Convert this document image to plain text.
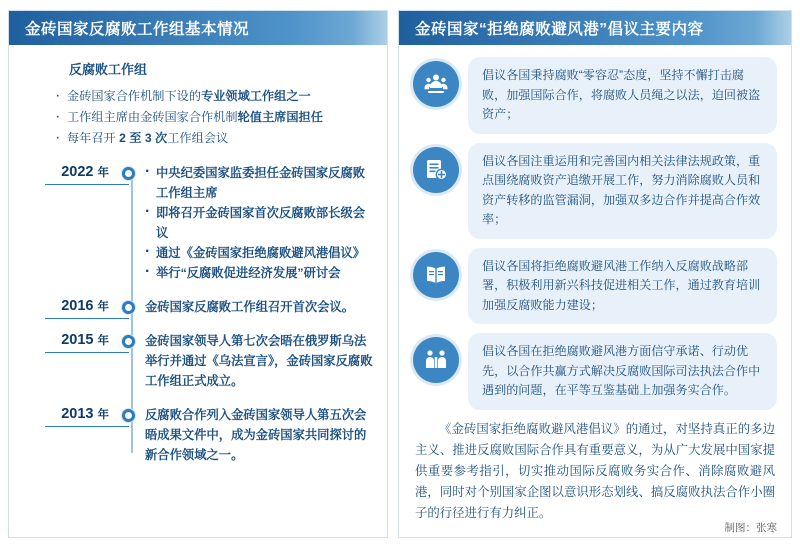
金砖国家反腐败工作组基本情况
反腐败工作组
· 金砖国家合作机制下设的专业领域工作组之一
· 工作组主席由金砖国家合作机制轮值主席国担任
· 每年召开 2 至 3 次工作组会议
2022 年	· 中央纪委国家监委担任金砖国家反腐败工作组主席
· 即将召开金砖国家首次反腐败部长级会议
· 通过《金砖国家拒绝腐败避风港倡议》
· 举行“反腐败促进经济发展”研讨会
2016 年	金砖国家反腐败工作组召开首次会议。
2015 年	金砖国家领导人第七次会晤在俄罗斯乌法举行并通过《乌法宣言》，金砖国家反腐败工作组正式成立。
2013 年	反腐败合作列入金砖国家领导人第五次会晤成果文件中，成为金砖国家共同探讨的新合作领域之一。
金砖国家“拒绝腐败避风港”倡议主要内容

倡议各国秉持腐败“零容忍”态度，坚持不懈打击腐败，加强国际合作，将腐败人员绳之以法，迫回被盗资产；

倡议各国注重运用和完善国内相关法律法规政策，重点围绕腐败资产追缴开展工作，努力消除腐败人员和资产转移的监管漏洞，加强双多边合作并提高合作效率；

倡议各国将拒绝腐败避风港工作纳入反腐败战略部署，积极利用新兴科技促进相关工作，通过教育培训加强反腐败能力建设；

倡议各国在拒绝腐败避风港方面信守承诺、行动优先，以合作共赢方式解决反腐败国际司法执法合作中遇到的问题，在平等互鉴基础上加强务实合作。

《金砖国家拒绝腐败避风港倡议》的通过，对坚持真正的多边主义、推进反腐败国际合作具有重要意义，为从广大发展中国家提供重要参考指引，切实推动国际反腐败务实合作、消除腐败避风港，同时对个别国家企图以意识形态划线、搞反腐败执法合作小圈子的行径进行有力纠正。
制图：张寒
